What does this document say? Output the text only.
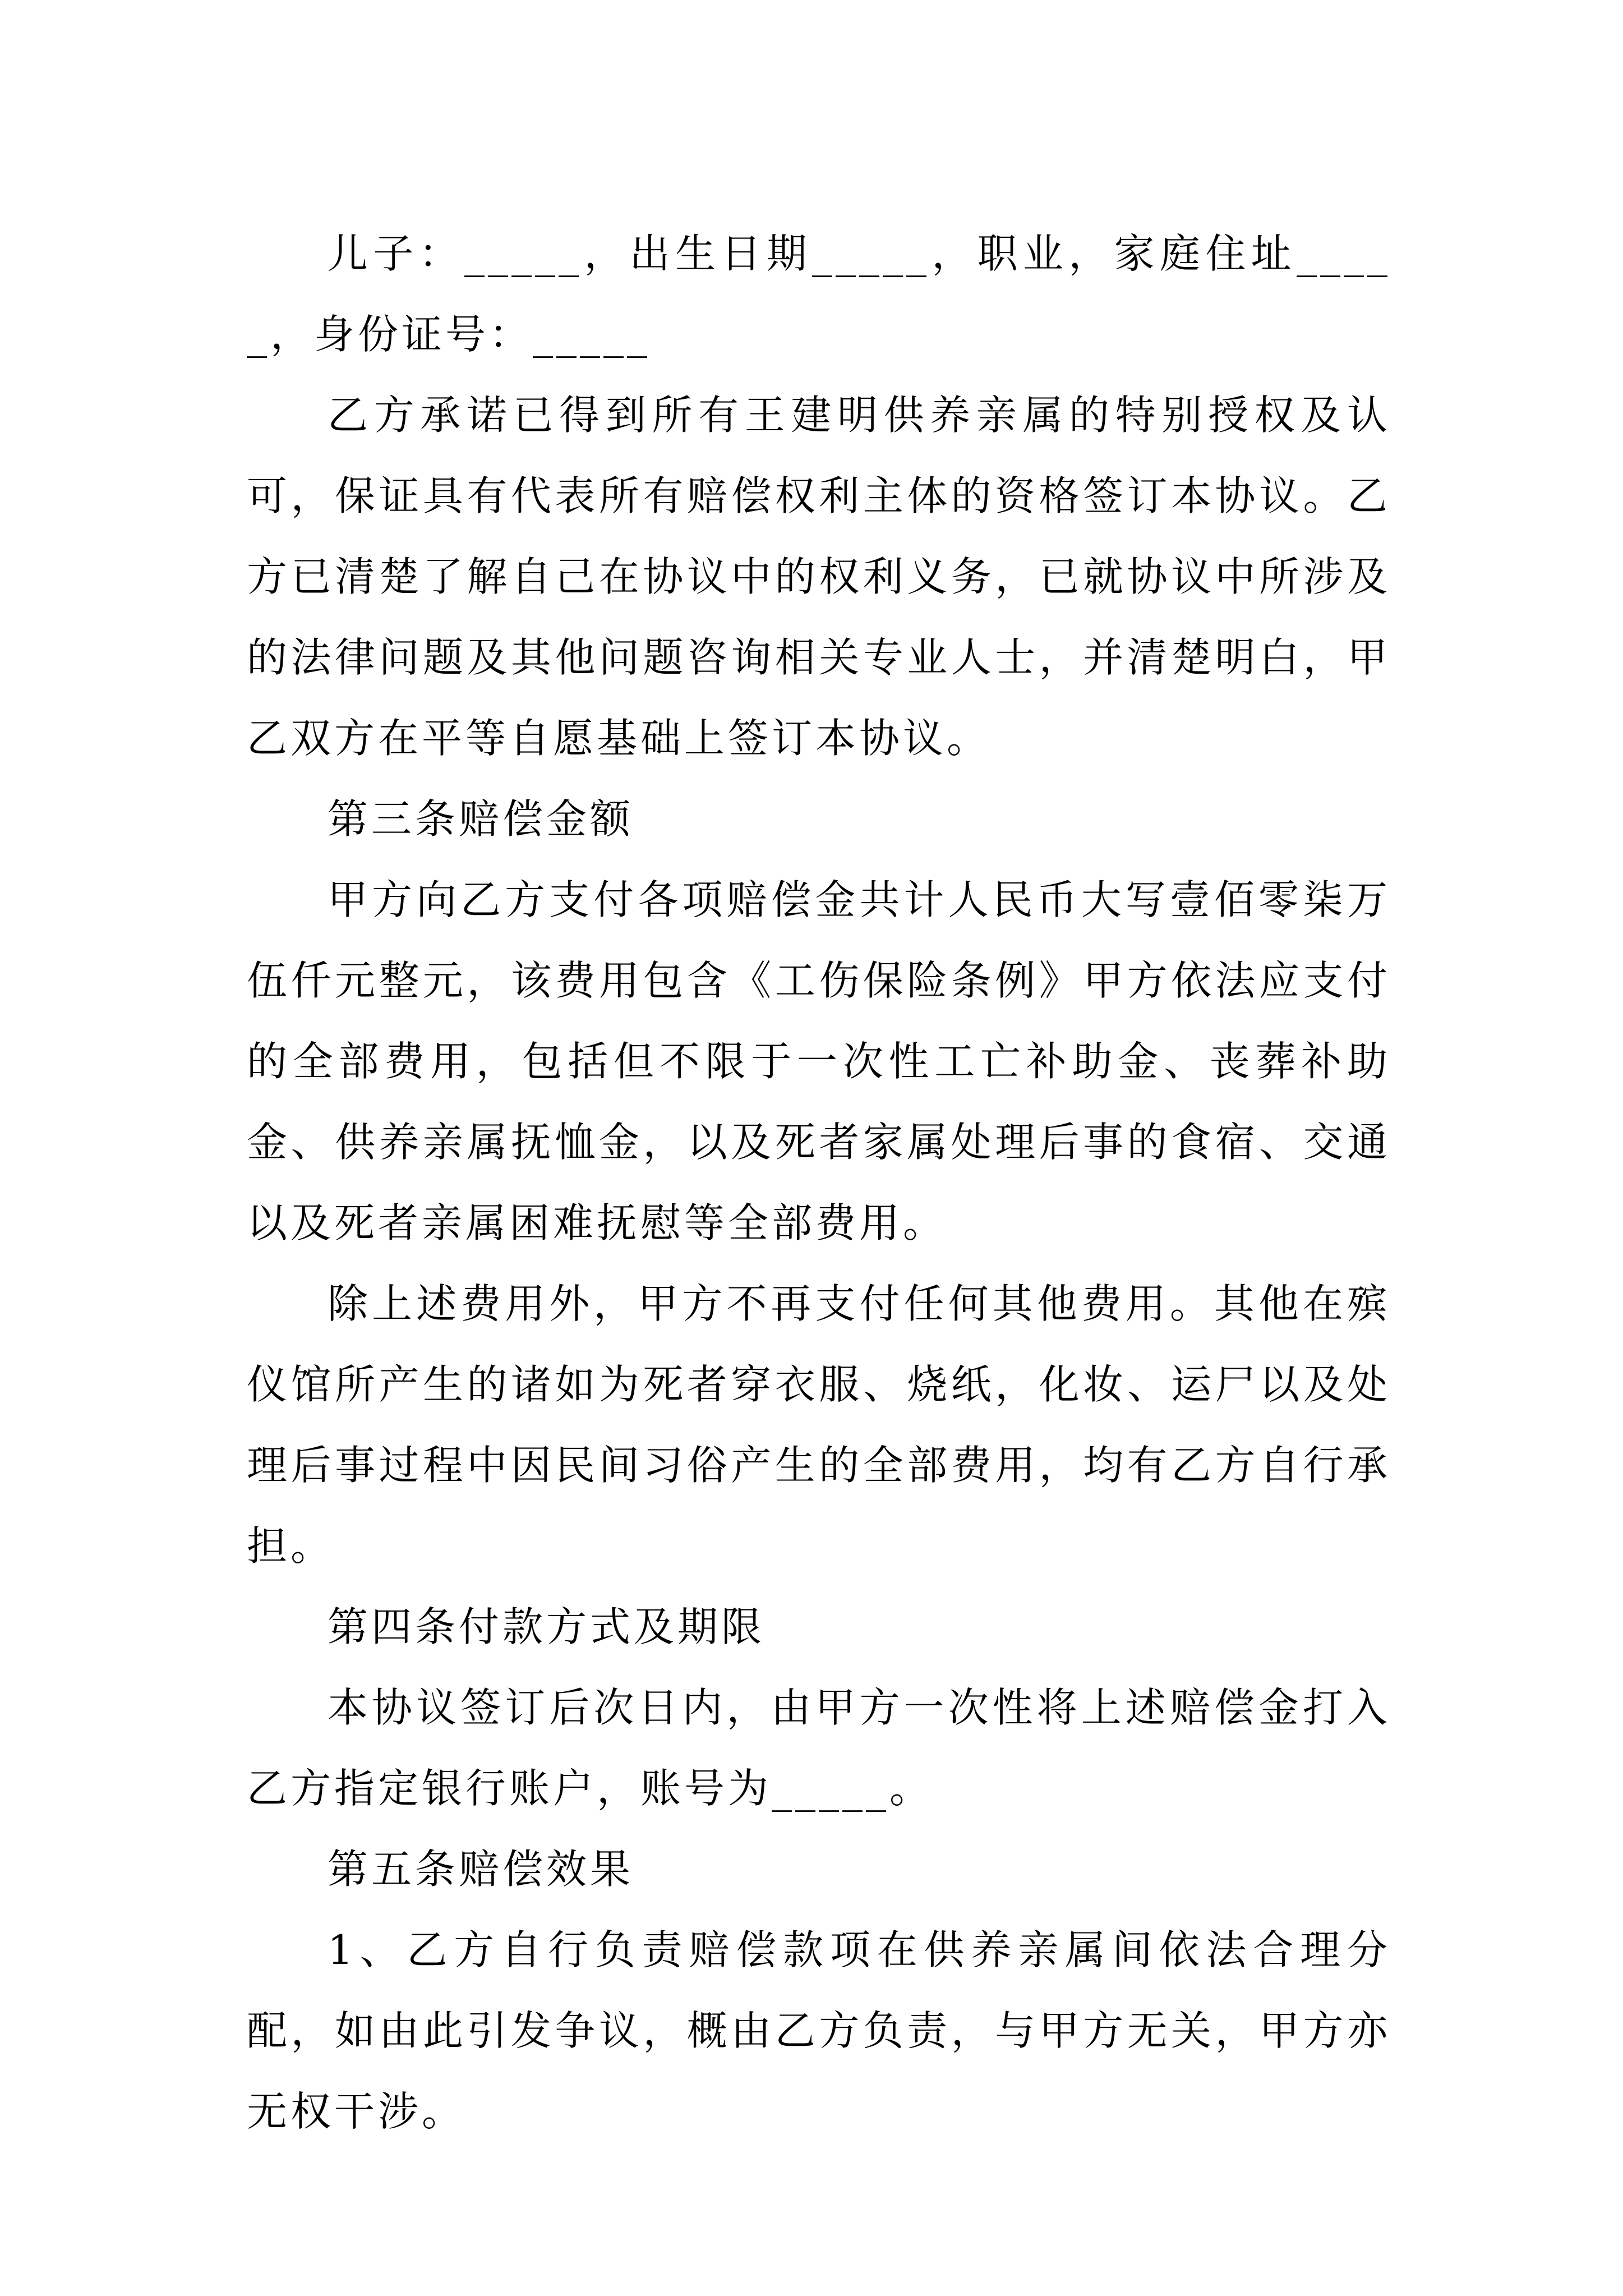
儿子：_____，出生日期_____，职业，家庭住址_____，身份证号：_____

乙方承诺已得到所有王建明供养亲属的特别授权及认可，保证具有代表所有赔偿权利主体的资格签订本协议。乙方已清楚了解自己在协议中的权利义务，已就协议中所涉及的法律问题及其他问题咨询相关专业人士，并清楚明白，甲乙双方在平等自愿基础上签订本协议。

第三条赔偿金额

甲方向乙方支付各项赔偿金共计人民币大写壹佰零柒万伍仟元整元，该费用包含《工伤保险条例》甲方依法应支付的全部费用，包括但不限于一次性工亡补助金、丧葬补助金、供养亲属抚恤金，以及死者家属处理后事的食宿、交通以及死者亲属困难抚慰等全部费用。

除上述费用外，甲方不再支付任何其他费用。其他在殡仪馆所产生的诸如为死者穿衣服、烧纸，化妆、运尸以及处理后事过程中因民间习俗产生的全部费用，均有乙方自行承担。

第四条付款方式及期限

本协议签订后次日内，由甲方一次性将上述赔偿金打入乙方指定银行账户，账号为_____。

第五条赔偿效果

1、乙方自行负责赔偿款项在供养亲属间依法合理分配，如由此引发争议，概由乙方负责，与甲方无关，甲方亦无权干涉。
